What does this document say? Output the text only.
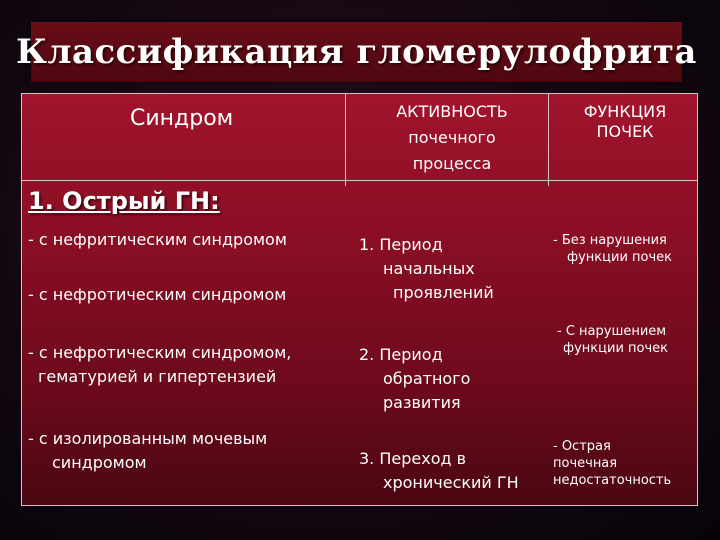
Классификация гломерулофрита
Синдром	АКТИВНОСТЬ
почечного
процесса
ФУНКЦИЯ
ПОЧЕК
1. Острый ГН:
- с нефритическим синдромом
- с нефротическим синдромом
- с нефротическим синдромом,
гематурией и гипертензией
- с изолированным мочевым
синдромом
1. Период
начальных
проявлений
2. Период
обратного
развития
3. Переход в
хронический ГН
- Без нарушения
функции почек
- С нарушением
функции почек
- Острая
почечная
недостаточность
